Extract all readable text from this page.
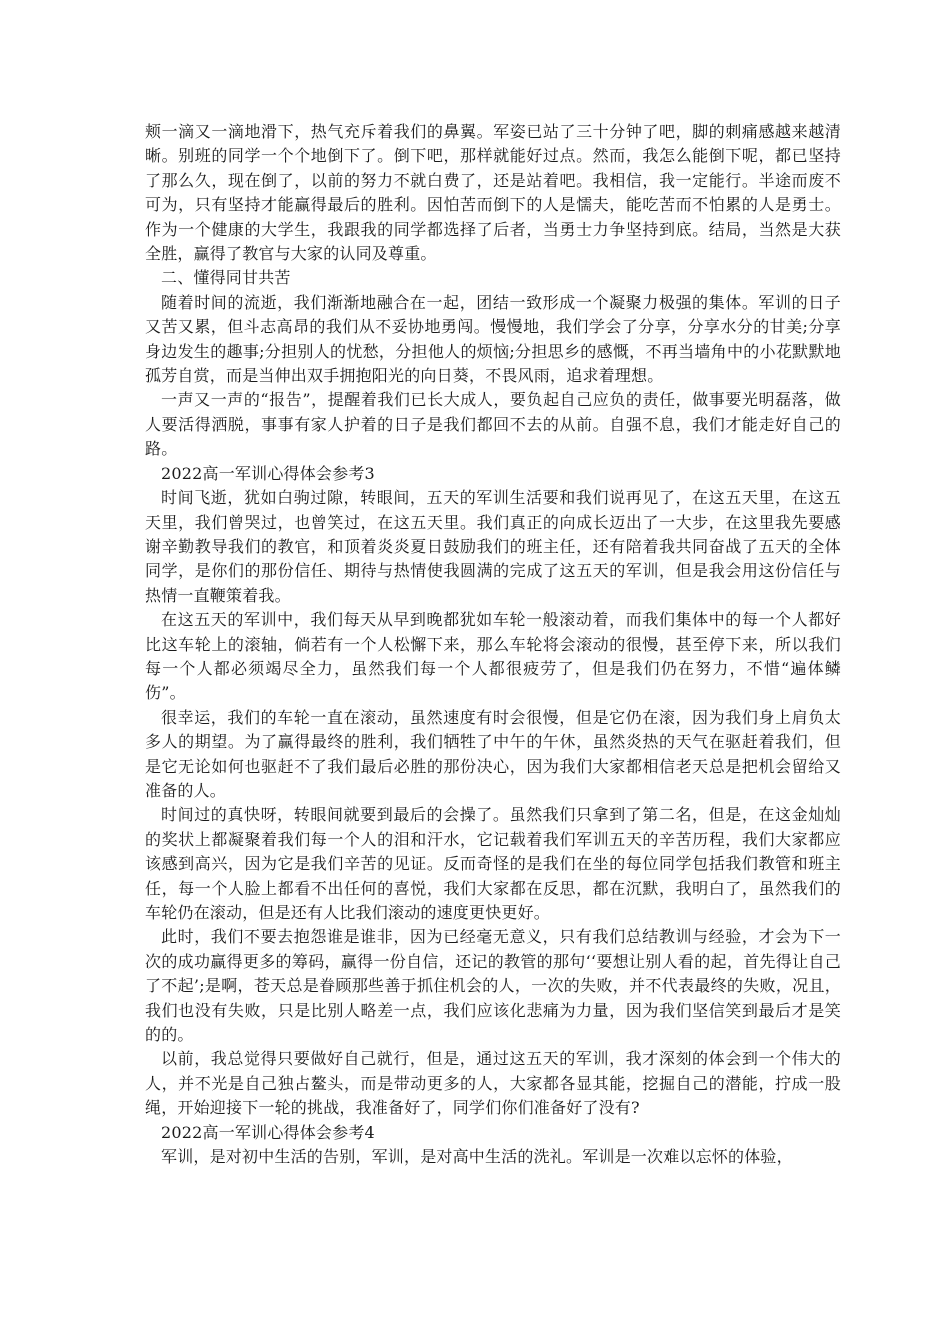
颊一滴又一滴地滑下，热气充斥着我们的鼻翼。军姿已站了三十分钟了吧，脚的刺痛感越来越清晰。别班的同学一个个地倒下了。倒下吧，那样就能好过点。然而，我怎么能倒下呢，都已坚持了那么久，现在倒了，以前的努力不就白费了，还是站着吧。我相信，我一定能行。半途而废不可为，只有坚持才能赢得最后的胜利。因怕苦而倒下的人是懦夫，能吃苦而不怕累的人是勇士。作为一个健康的大学生，我跟我的同学都选择了后者，当勇士力争坚持到底。结局，当然是大获全胜，赢得了教官与大家的认同及尊重。

二、懂得同甘共苦

随着时间的流逝，我们渐渐地融合在一起，团结一致形成一个凝聚力极强的集体。军训的日子又苦又累，但斗志高昂的我们从不妥协地勇闯。慢慢地，我们学会了分享，分享水分的甘美;分享身边发生的趣事;分担别人的忧愁，分担他人的烦恼;分担思乡的感慨，不再当墙角中的小花默默地孤芳自赏，而是当伸出双手拥抱阳光的向日葵，不畏风雨，追求着理想。

一声又一声的“报告”，提醒着我们已长大成人，要负起自己应负的责任，做事要光明磊落，做人要活得洒脱，事事有家人护着的日子是我们都回不去的从前。自强不息，我们才能走好自己的路。

2022高一军训心得体会参考3

时间飞逝，犹如白驹过隙，转眼间，五天的军训生活要和我们说再见了，在这五天里，在这五天里，我们曾哭过，也曾笑过，在这五天里。我们真正的向成长迈出了一大步，在这里我先要感谢辛勤教导我们的教官，和顶着炎炎夏日鼓励我们的班主任，还有陪着我共同奋战了五天的全体同学，是你们的那份信任、期待与热情使我圆满的完成了这五天的军训，但是我会用这份信任与热情一直鞭策着我。

在这五天的军训中，我们每天从早到晚都犹如车轮一般滚动着，而我们集体中的每一个人都好比这车轮上的滚轴，倘若有一个人松懈下来，那么车轮将会滚动的很慢，甚至停下来，所以我们每一个人都必须竭尽全力，虽然我们每一个人都很疲劳了，但是我们仍在努力，不惜“遍体鳞伤”。

很幸运，我们的车轮一直在滚动，虽然速度有时会很慢，但是它仍在滚，因为我们身上肩负太多人的期望。为了赢得最终的胜利，我们牺牲了中午的午休，虽然炎热的天气在驱赶着我们，但是它无论如何也驱赶不了我们最后必胜的那份决心，因为我们大家都相信老天总是把机会留给又准备的人。

时间过的真快呀，转眼间就要到最后的会操了。虽然我们只拿到了第二名，但是，在这金灿灿的奖状上都凝聚着我们每一个人的泪和汗水，它记载着我们军训五天的辛苦历程，我们大家都应该感到高兴，因为它是我们辛苦的见证。反而奇怪的是我们在坐的每位同学包括我们教管和班主任，每一个人脸上都看不出任何的喜悦，我们大家都在反思，都在沉默，我明白了，虽然我们的车轮仍在滚动，但是还有人比我们滚动的速度更快更好。

此时，我们不要去抱怨谁是谁非，因为已经毫无意义，只有我们总结教训与经验，才会为下一次的成功赢得更多的筹码，赢得一份自信，还记的教管的那句‘‘要想让别人看的起，首先得让自己了不起’;是啊，苍天总是眷顾那些善于抓住机会的人，一次的失败，并不代表最终的失败，况且，我们也没有失败，只是比别人略差一点，我们应该化悲痛为力量，因为我们坚信笑到最后才是笑的的。

以前，我总觉得只要做好自己就行，但是，通过这五天的军训，我才深刻的体会到一个伟大的人，并不光是自己独占鳌头，而是带动更多的人，大家都各显其能，挖掘自己的潜能，拧成一股绳，开始迎接下一轮的挑战，我准备好了，同学们你们准备好了没有?

2022高一军训心得体会参考4

军训，是对初中生活的告别，军训，是对高中生活的洗礼。军训是一次难以忘怀的体验，
